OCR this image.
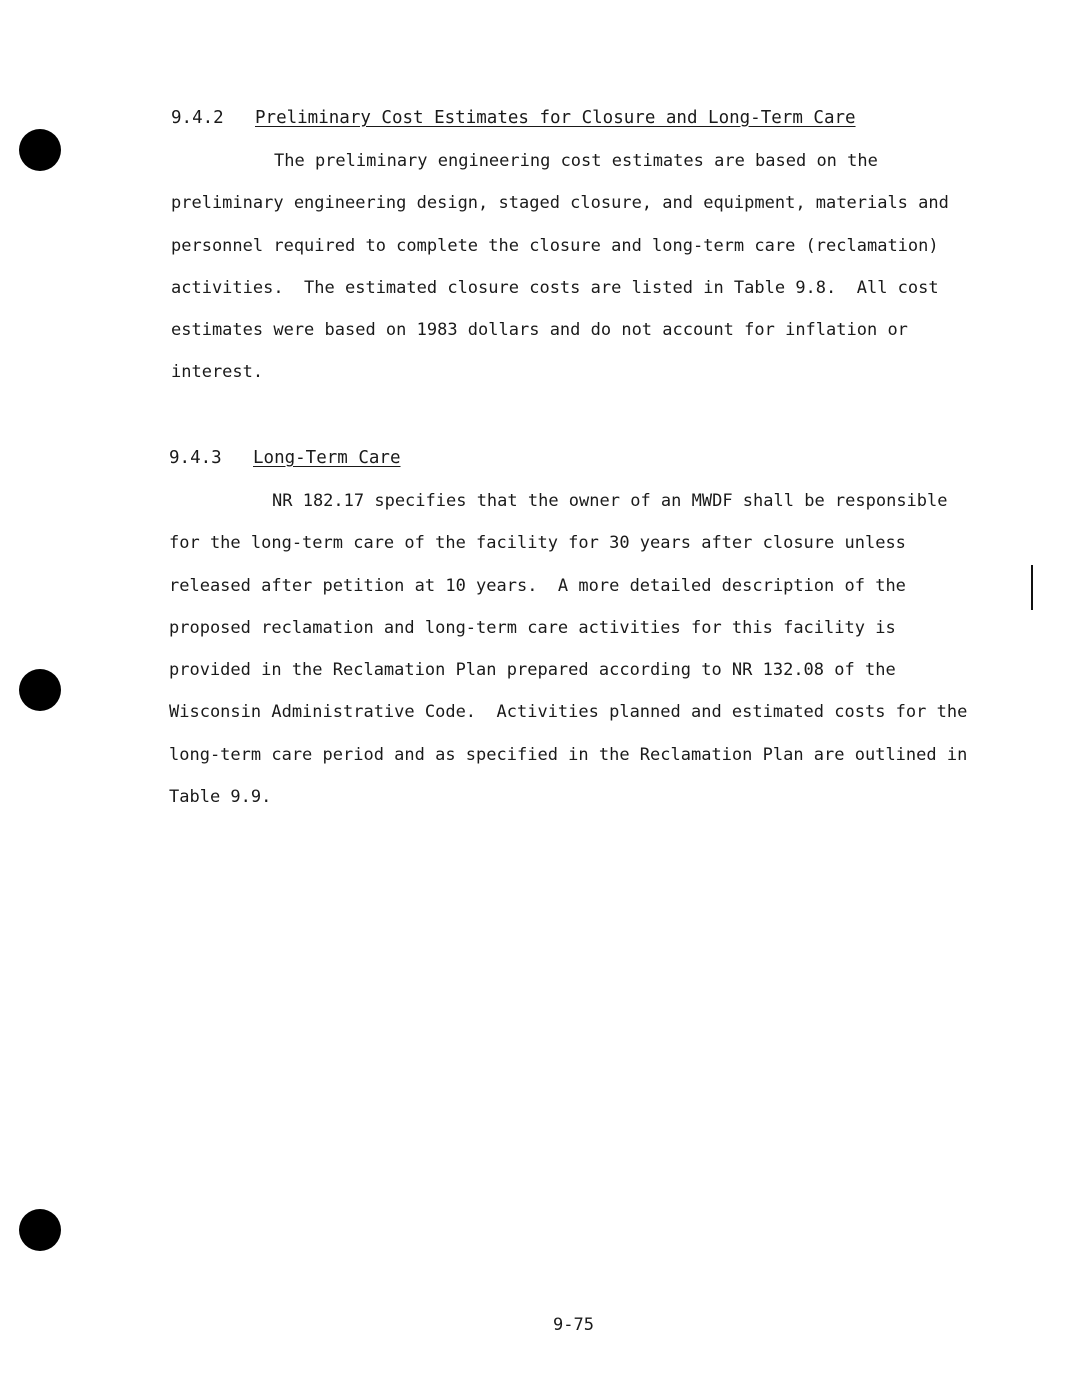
9.4.2 Preliminary Cost Estimates for Closure and Long-Term Care

The preliminary engineering cost estimates are based on the
preliminary engineering design, staged closure, and equipment, materials and
personnel required to complete the closure and long-term care (reclamation)
activities.  The estimated closure costs are listed in Table 9.8.  All cost
estimates were based on 1983 dollars and do not account for inflation or
interest.

9.4.3 Long-Term Care

NR 182.17 specifies that the owner of an MWDF shall be responsible
for the long-term care of the facility for 30 years after closure unless
released after petition at 10 years.  A more detailed description of the
proposed reclamation and long-term care activities for this facility is
provided in the Reclamation Plan prepared according to NR 132.08 of the
Wisconsin Administrative Code.  Activities planned and estimated costs for the
long-term care period and as specified in the Reclamation Plan are outlined in
Table 9.9.
9-75
